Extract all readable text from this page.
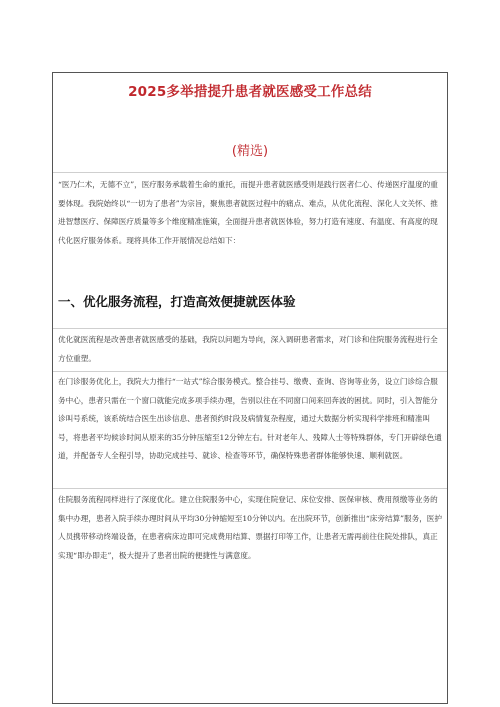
2025多举措提升患者就医感受工作总结
(精选)

“医乃仁术，无德不立”，医疗服务承载着生命的重托，而提升患者就医感受则是践行医者仁心、传递医疗温度的重要体现。我院始终以“一切为了患者”为宗旨，聚焦患者就医过程中的痛点、难点，从优化流程、深化人文关怀、推进智慧医疗、保障医疗质量等多个维度精准施策，全面提升患者就医体验，努力打造有速度、有温度、有高度的现代化医疗服务体系。现将具体工作开展情况总结如下：

一、优化服务流程，打造高效便捷就医体验

优化就医流程是改善患者就医感受的基础，我院以问题为导向，深入调研患者需求，对门诊和住院服务流程进行全方位重塑。

在门诊服务优化上，我院大力推行“一站式”综合服务模式。整合挂号、缴费、查询、咨询等业务，设立门诊综合服务中心，患者只需在一个窗口就能完成多项手续办理，告别以往在不同窗口间来回奔波的困扰。同时，引入智能分诊叫号系统，该系统结合医生出诊信息、患者预约时段及病情复杂程度，通过大数据分析实现科学排班和精准叫号，将患者平均候诊时间从原来的35分钟压缩至12分钟左右。针对老年人、残障人士等特殊群体，专门开辟绿色通道，并配备专人全程引导，协助完成挂号、就诊、检查等环节，确保特殊患者群体能够快速、顺利就医。

住院服务流程同样进行了深度优化。建立住院服务中心，实现住院登记、床位安排、医保审核、费用预缴等业务的集中办理，患者入院手续办理时间从平均30分钟缩短至10分钟以内。在出院环节，创新推出“床旁结算”服务，医护人员携带移动终端设备，在患者病床边即可完成费用结算、票据打印等工作，让患者无需再前往住院处排队，真正实现“即办即走”，极大提升了患者出院的便捷性与满意度。
